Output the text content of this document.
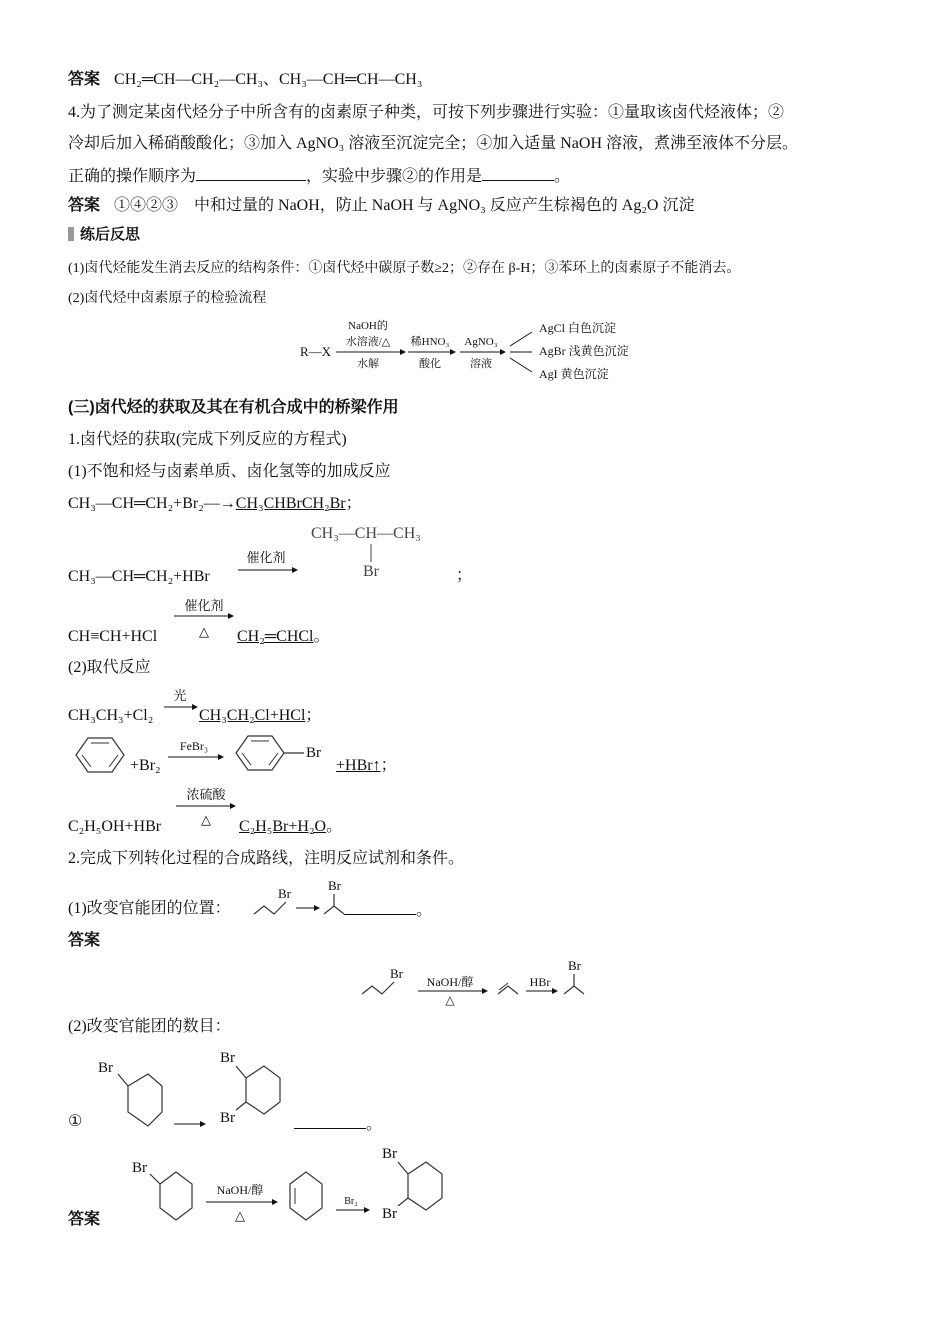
答案 CH₂═CH—CH₂—CH₃、CH₃—CH═CH—CH₃
4.为了测定某卤代烃分子中所含有的卤素原子种类，可按下列步骤进行实验：①量取该卤代烃液体；②
冷却后加入稀硝酸酸化；③加入 AgNO₃ 溶液至沉淀完全；④加入适量 NaOH 溶液，煮沸至液体不分层。
正确的操作顺序为	，实验中步骤②的作用是	。
答案 ①④②③　中和过量的 NaOH，防止 NaOH 与 AgNO₃ 反应产生棕褐色的 Ag₂O 沉淀
练后反思
(1)卤代烃能发生消去反应的结构条件：①卤代烃中碳原子数≥2；②存在 β-H；③苯环上的卤素原子不能消去。
(2)卤代烃中卤素原子的检验流程
R—X
NaOH的
水溶液/△
水解
稀HNO₃
酸化
AgNO₃
溶液
AgCl 白色沉淀
AgBr 浅黄色沉淀
AgI 黄色沉淀
(三)卤代烃的获取及其在有机合成中的桥梁作用
1.卤代烃的获取(完成下列反应的方程式)
(1)不饱和烃与卤素单质、卤化氢等的加成反应
CH₃—CH═CH₂+Br₂—→CH₃CHBrCH₂Br；
CH₃—CH═CH₂+HBr
催化剂
CH₃—CH—CH₃
Br	；
CH≡CH+HCl
催化剂
△ CH₂═CHCl。
(2)取代反应
CH₃CH₃+Cl₂
光
CH₃CH₂Cl+HCl；
+Br₂
FeBr₃	Br
+HBr↑；
C₂H₅OH+HBr
浓硫酸
△ C₂H₅Br+H₂O。
2.完成下列转化过程的合成路线，注明反应试剂和条件。
(1)改变官能团的位置：
Br
Br
。
答案
Br
NaOH/醇
△
HBr
Br
(2)改变官能团的数目：
①
Br
Br
Br	。
答案
Br
NaOH/醇
△
Br₂
Br
Br
